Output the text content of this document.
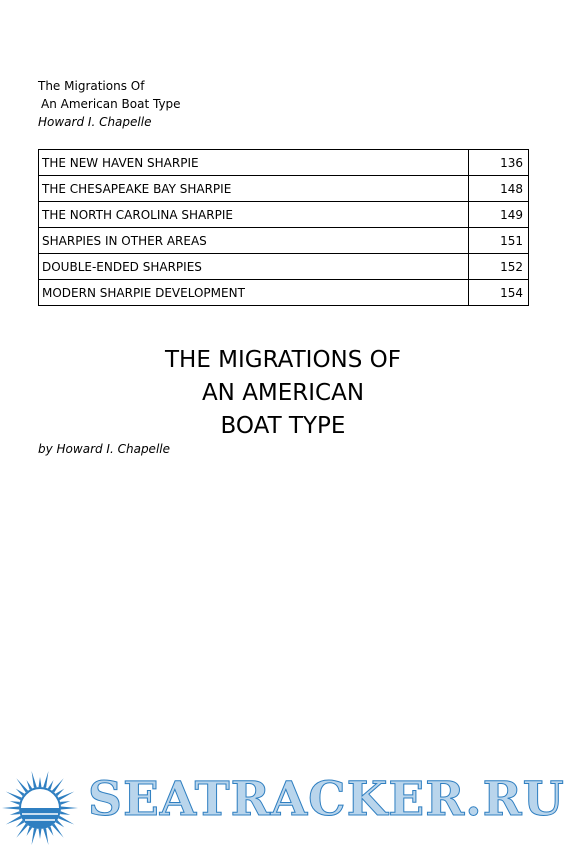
The Migrations Of
An American Boat Type
Howard I. Chapelle
THE NEW HAVEN SHARPIE	136
THE CHESAPEAKE BAY SHARPIE	148
THE NORTH CAROLINA SHARPIE	149
SHARPIES IN OTHER AREAS	151
DOUBLE-ENDED SHARPIES	152
MODERN SHARPIE DEVELOPMENT	154
THE MIGRATIONS OF
AN AMERICAN
BOAT TYPE
by Howard I. Chapelle
SEATRACKER.RU
